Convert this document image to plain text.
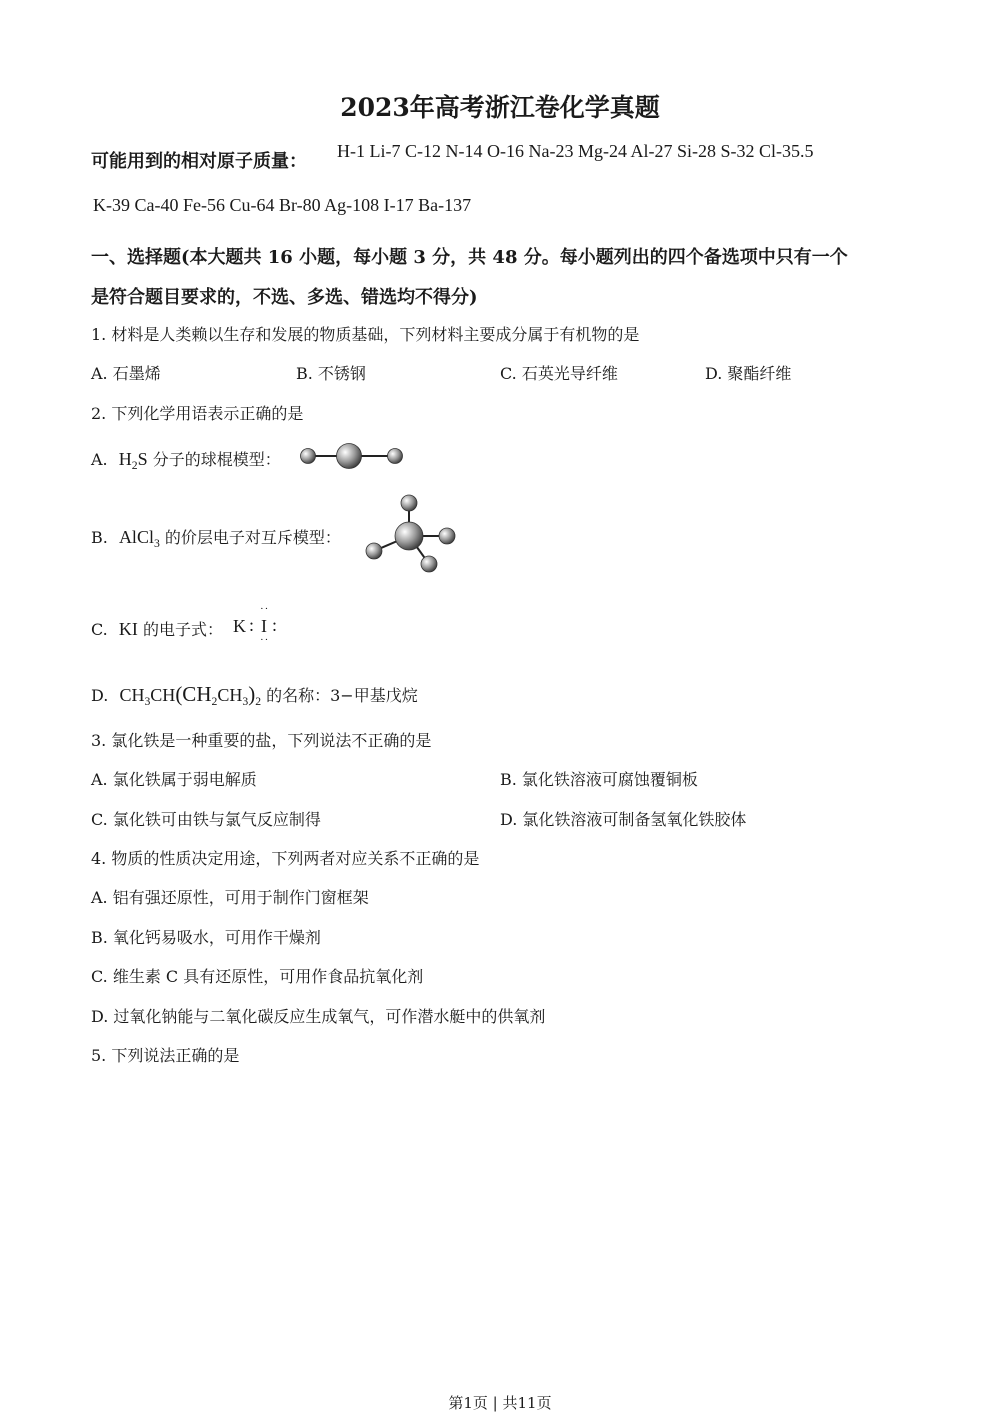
2023年高考浙江卷化学真题
可能用到的相对原子质量： H-1 Li-7 C-12 N-14 O-16 Na-23 Mg-24 Al-27 Si-28 S-32 Cl-35.5
K-39 Ca-40 Fe-56 Cu-64 Br-80 Ag-108 I-17 Ba-137
一、选择题(本大题共 16 小题，每小题 3 分，共 48 分。每小题列出的四个备选项中只有一个
是符合题目要求的，不选、多选、错选均不得分)
1. 材料是人类赖以生存和发展的物质基础，下列材料主要成分属于有机物的是
A. 石墨烯	B. 不锈钢	C. 石英光导纤维	D. 聚酯纤维
2. 下列化学用语表示正确的是
A. $H_2S$ 分子的球棍模型：
B. AlCl$_3$ 的价层电子对互斥模型：
C. KI 的电子式： K : I :
··
··
D. $CH_3CH(CH_2CH_3)_2$ 的名称：3−甲基戊烷
3. 氯化铁是一种重要的盐，下列说法不正确的是
A. 氯化铁属于弱电解质	B. 氯化铁溶液可腐蚀覆铜板
C. 氯化铁可由铁与氯气反应制得	D. 氯化铁溶液可制备氢氧化铁胶体
4. 物质的性质决定用途，下列两者对应关系不正确的是
A. 铝有强还原性，可用于制作门窗框架
B. 氧化钙易吸水，可用作干燥剂
C. 维生素 C 具有还原性，可用作食品抗氧化剂
D. 过氧化钠能与二氧化碳反应生成氧气，可作潜水艇中的供氧剂
5. 下列说法正确的是
第1页 | 共11页
